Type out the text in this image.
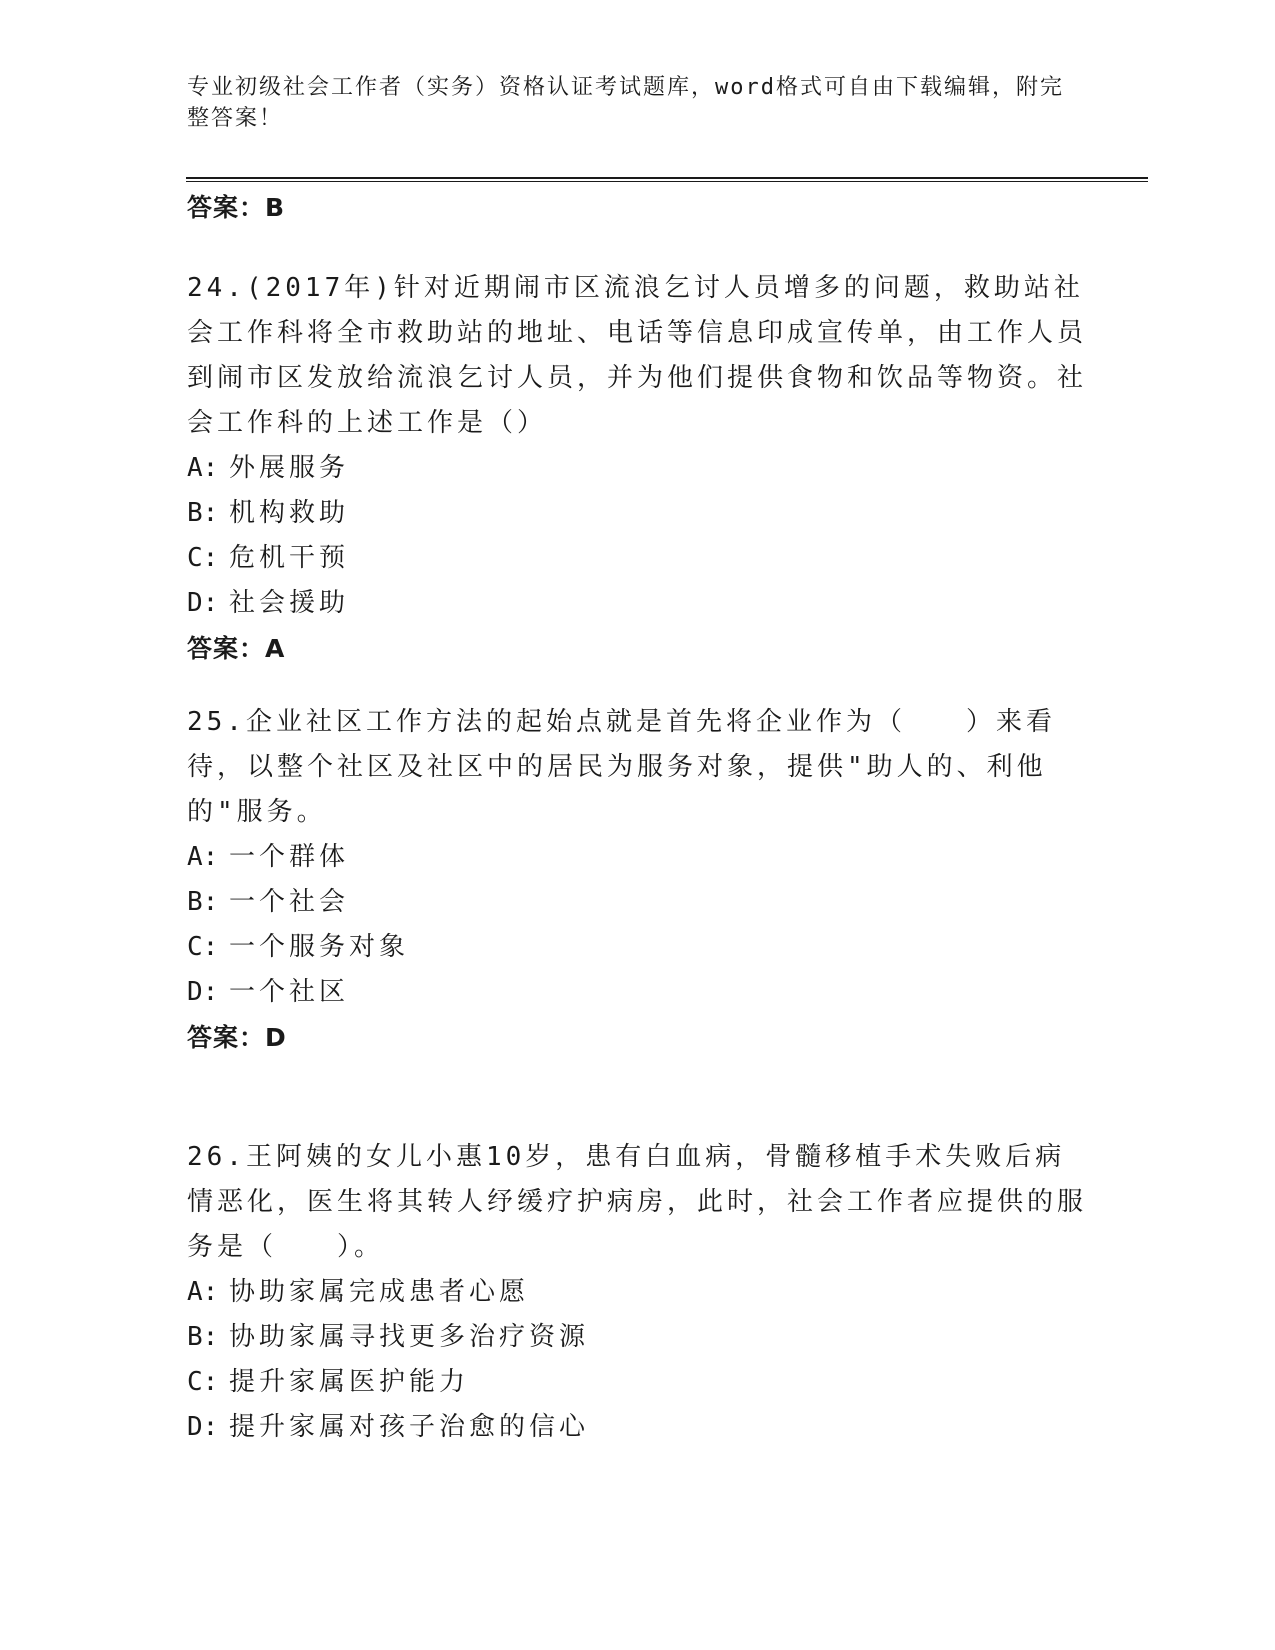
专业初级社会工作者（实务）资格认证考试题库，word格式可自由下载编辑，附完整答案！
答案：B
24.(2017年)针对近期闹市区流浪乞讨人员增多的问题，救助站社会工作科将全市救助站的地址、电话等信息印成宣传单，由工作人员到闹市区发放给流浪乞讨人员，并为他们提供食物和饮品等物资。社会工作科的上述工作是（）
A: 外展服务
B: 机构救助
C: 危机干预
D: 社会援助
答案：A
25.企业社区工作方法的起始点就是首先将企业作为（　　）来看待，以整个社区及社区中的居民为服务对象，提供"助人的、利他的"服务。
A: 一个群体
B: 一个社会
C: 一个服务对象
D: 一个社区
答案：D
26.王阿姨的女儿小惠10岁，患有白血病，骨髓移植手术失败后病情恶化，医生将其转人纾缓疗护病房，此时，社会工作者应提供的服务是（　　）。
A: 协助家属完成患者心愿
B: 协助家属寻找更多治疗资源
C: 提升家属医护能力
D: 提升家属对孩子治愈的信心
